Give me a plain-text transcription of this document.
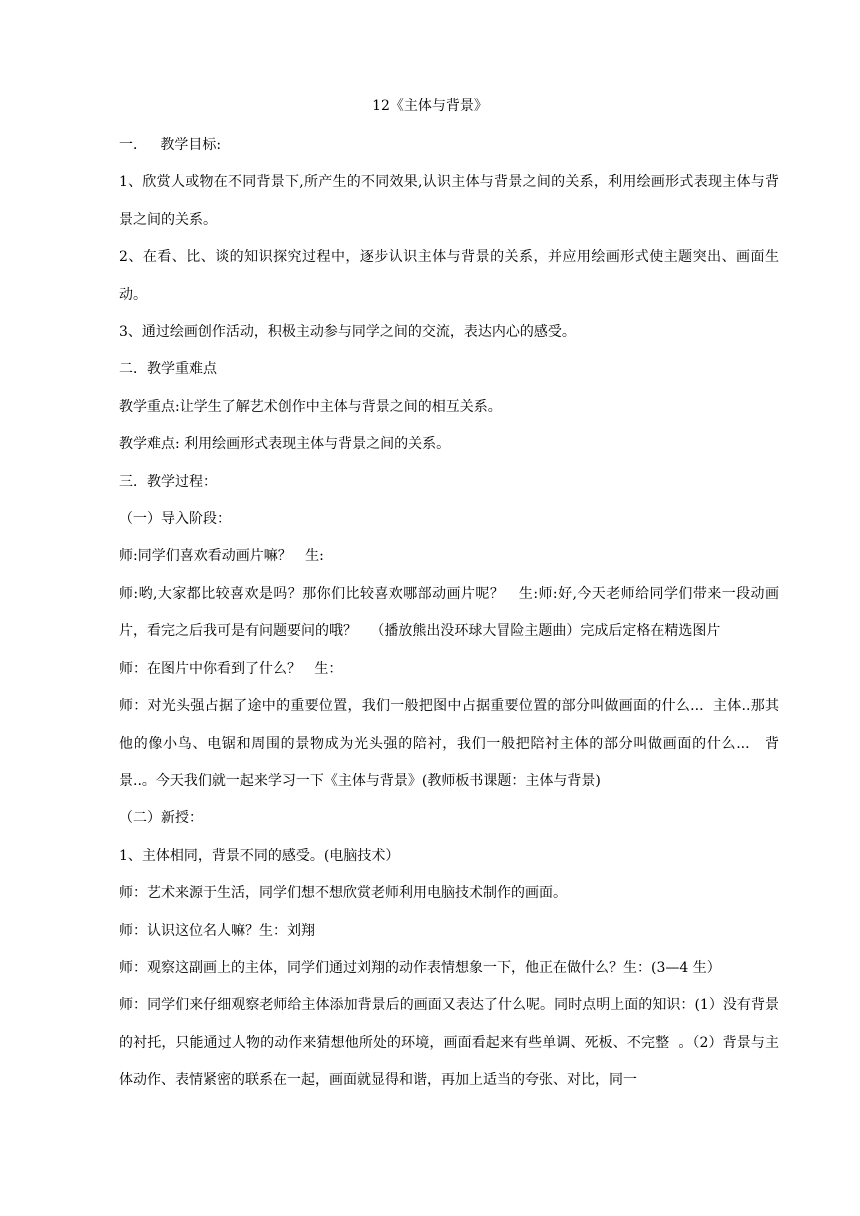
12《主体与背景》

一．   教学目标:

1、欣赏人或物在不同背景下,所产生的不同效果,认识主体与背景之间的关系，利用绘画形式表现主体与背景之间的关系。

2、在看、比、谈的知识探究过程中，逐步认识主体与背景的关系，并应用绘画形式使主题突出、画面生动。

3、通过绘画创作活动，积极主动参与同学之间的交流，表达内心的感受。

二．教学重难点

教学重点:让学生了解艺术创作中主体与背景之间的相互关系。

教学难点: 利用绘画形式表现主体与背景之间的关系。

三．教学过程：

（一）导入阶段：

师:同学们喜欢看动画片嘛？   生:

师:哟,大家都比较喜欢是吗？那你们比较喜欢哪部动画片呢？   生:师:好,今天老师给同学们带来一段动画片，看完之后我可是有问题要问的哦？   （播放熊出没环球大冒险主题曲）完成后定格在精选图片

师：在图片中你看到了什么？   生：

师：对光头强占据了途中的重要位置，我们一般把图中占据重要位置的部分叫做画面的什么...  主体..那其他的像小鸟、电锯和周围的景物成为光头强的陪衬，我们一般把陪衬主体的部分叫做画面的什么...   背景..。今天我们就一起来学习一下《主体与背景》(教师板书课题：主体与背景)

（二）新授：

1、主体相同，背景不同的感受。(电脑技术）

师：艺术来源于生活，同学们想不想欣赏老师利用电脑技术制作的画面。

师：认识这位名人嘛？生：刘翔

师：观察这副画上的主体，同学们通过刘翔的动作表情想象一下，他正在做什么？生：(3—4 生）

师：同学们来仔细观察老师给主体添加背景后的画面又表达了什么呢。同时点明上面的知识：(1）没有背景的衬托，只能通过人物的动作来猜想他所处的环境，画面看起来有些单调、死板、不完整  。（2）背景与主体动作、表情紧密的联系在一起，画面就显得和谐，再加上适当的夸张、对比，同一
